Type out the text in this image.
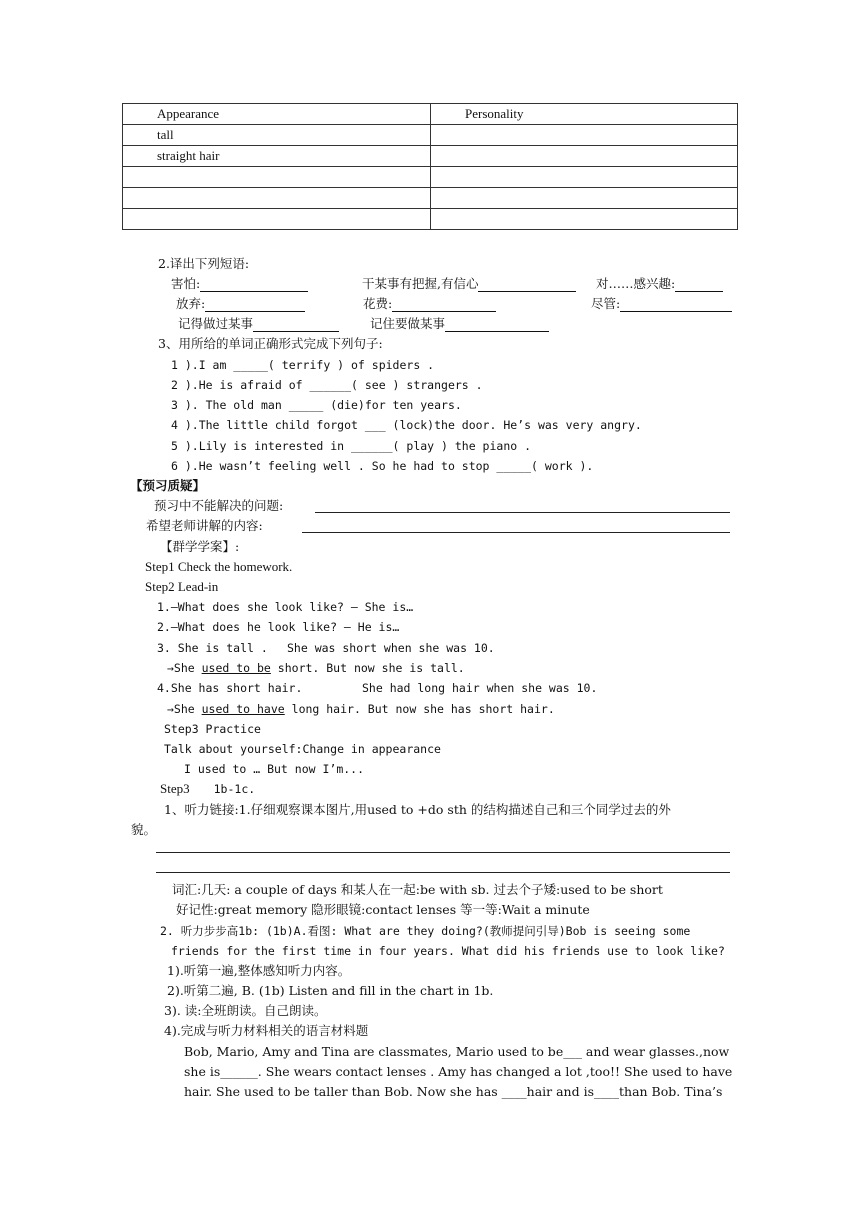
Appearance	Personality
tall	
straight hair	

2.译出下列短语:
害怕:	干某事有把握,有信心	对……感兴趣:
放弃:	花费:	尽管:
记得做过某事	记住要做某事
3、用所给的单词正确形式完成下列句子:
1 ).I am _____( terrify ) of spiders .
2 ).He is afraid of ______( see ) strangers .
3 ). The old man _____ (die)for ten years.
4 ).The little child forgot ___ (lock)the door. He’s was very angry.
5 ).Lily is interested in ______( play ) the piano .
6 ).He wasn’t feeling well . So he had to stop _____( work ).
【预习质疑】
预习中不能解决的问题:
希望老师讲解的内容:
【群学学案】:
Step1 Check the homework.
Step2 Lead-in
1.—What does she look like? — She is…
2.—What does he look like? — He is…
3. She is tall . She was short when she was 10.
→She used to be short. But now she is tall.
4.She has short hair.	She had long hair when she was 10.
→She used to have long hair. But now she has short hair.
Step3 Practice
Talk about yourself:Change in appearance
I used to … But now I’m...
Step3 1b-1c.
1、听力链接:1.仔细观察课本图片,用used to +do sth 的结构描述自己和三个同学过去的外
貌。
词汇:几天: a couple of days 和某人在一起:be with sb. 过去个子矮:used to be short
好记性:great memory 隐形眼镜:contact lenses 等一等:Wait a minute
2. 听力步步高1b: (1b)A.看图: What are they doing?(教师提问引导)Bob is seeing some
friends for the first time in four years. What did his friends use to look like?
1).听第一遍,整体感知听力内容。
2).听第二遍, B. (1b) Listen and fill in the chart in 1b.
3). 读:全班朗读。自己朗读。
4).完成与听力材料相关的语言材料题
Bob, Mario, Amy and Tina are classmates, Mario used to be___ and wear glasses.,now
she is______. She wears contact lenses . Amy has changed a lot ,too!! She used to have
hair. She used to be taller than Bob. Now she has ____hair and is____than Bob. Tina’s
